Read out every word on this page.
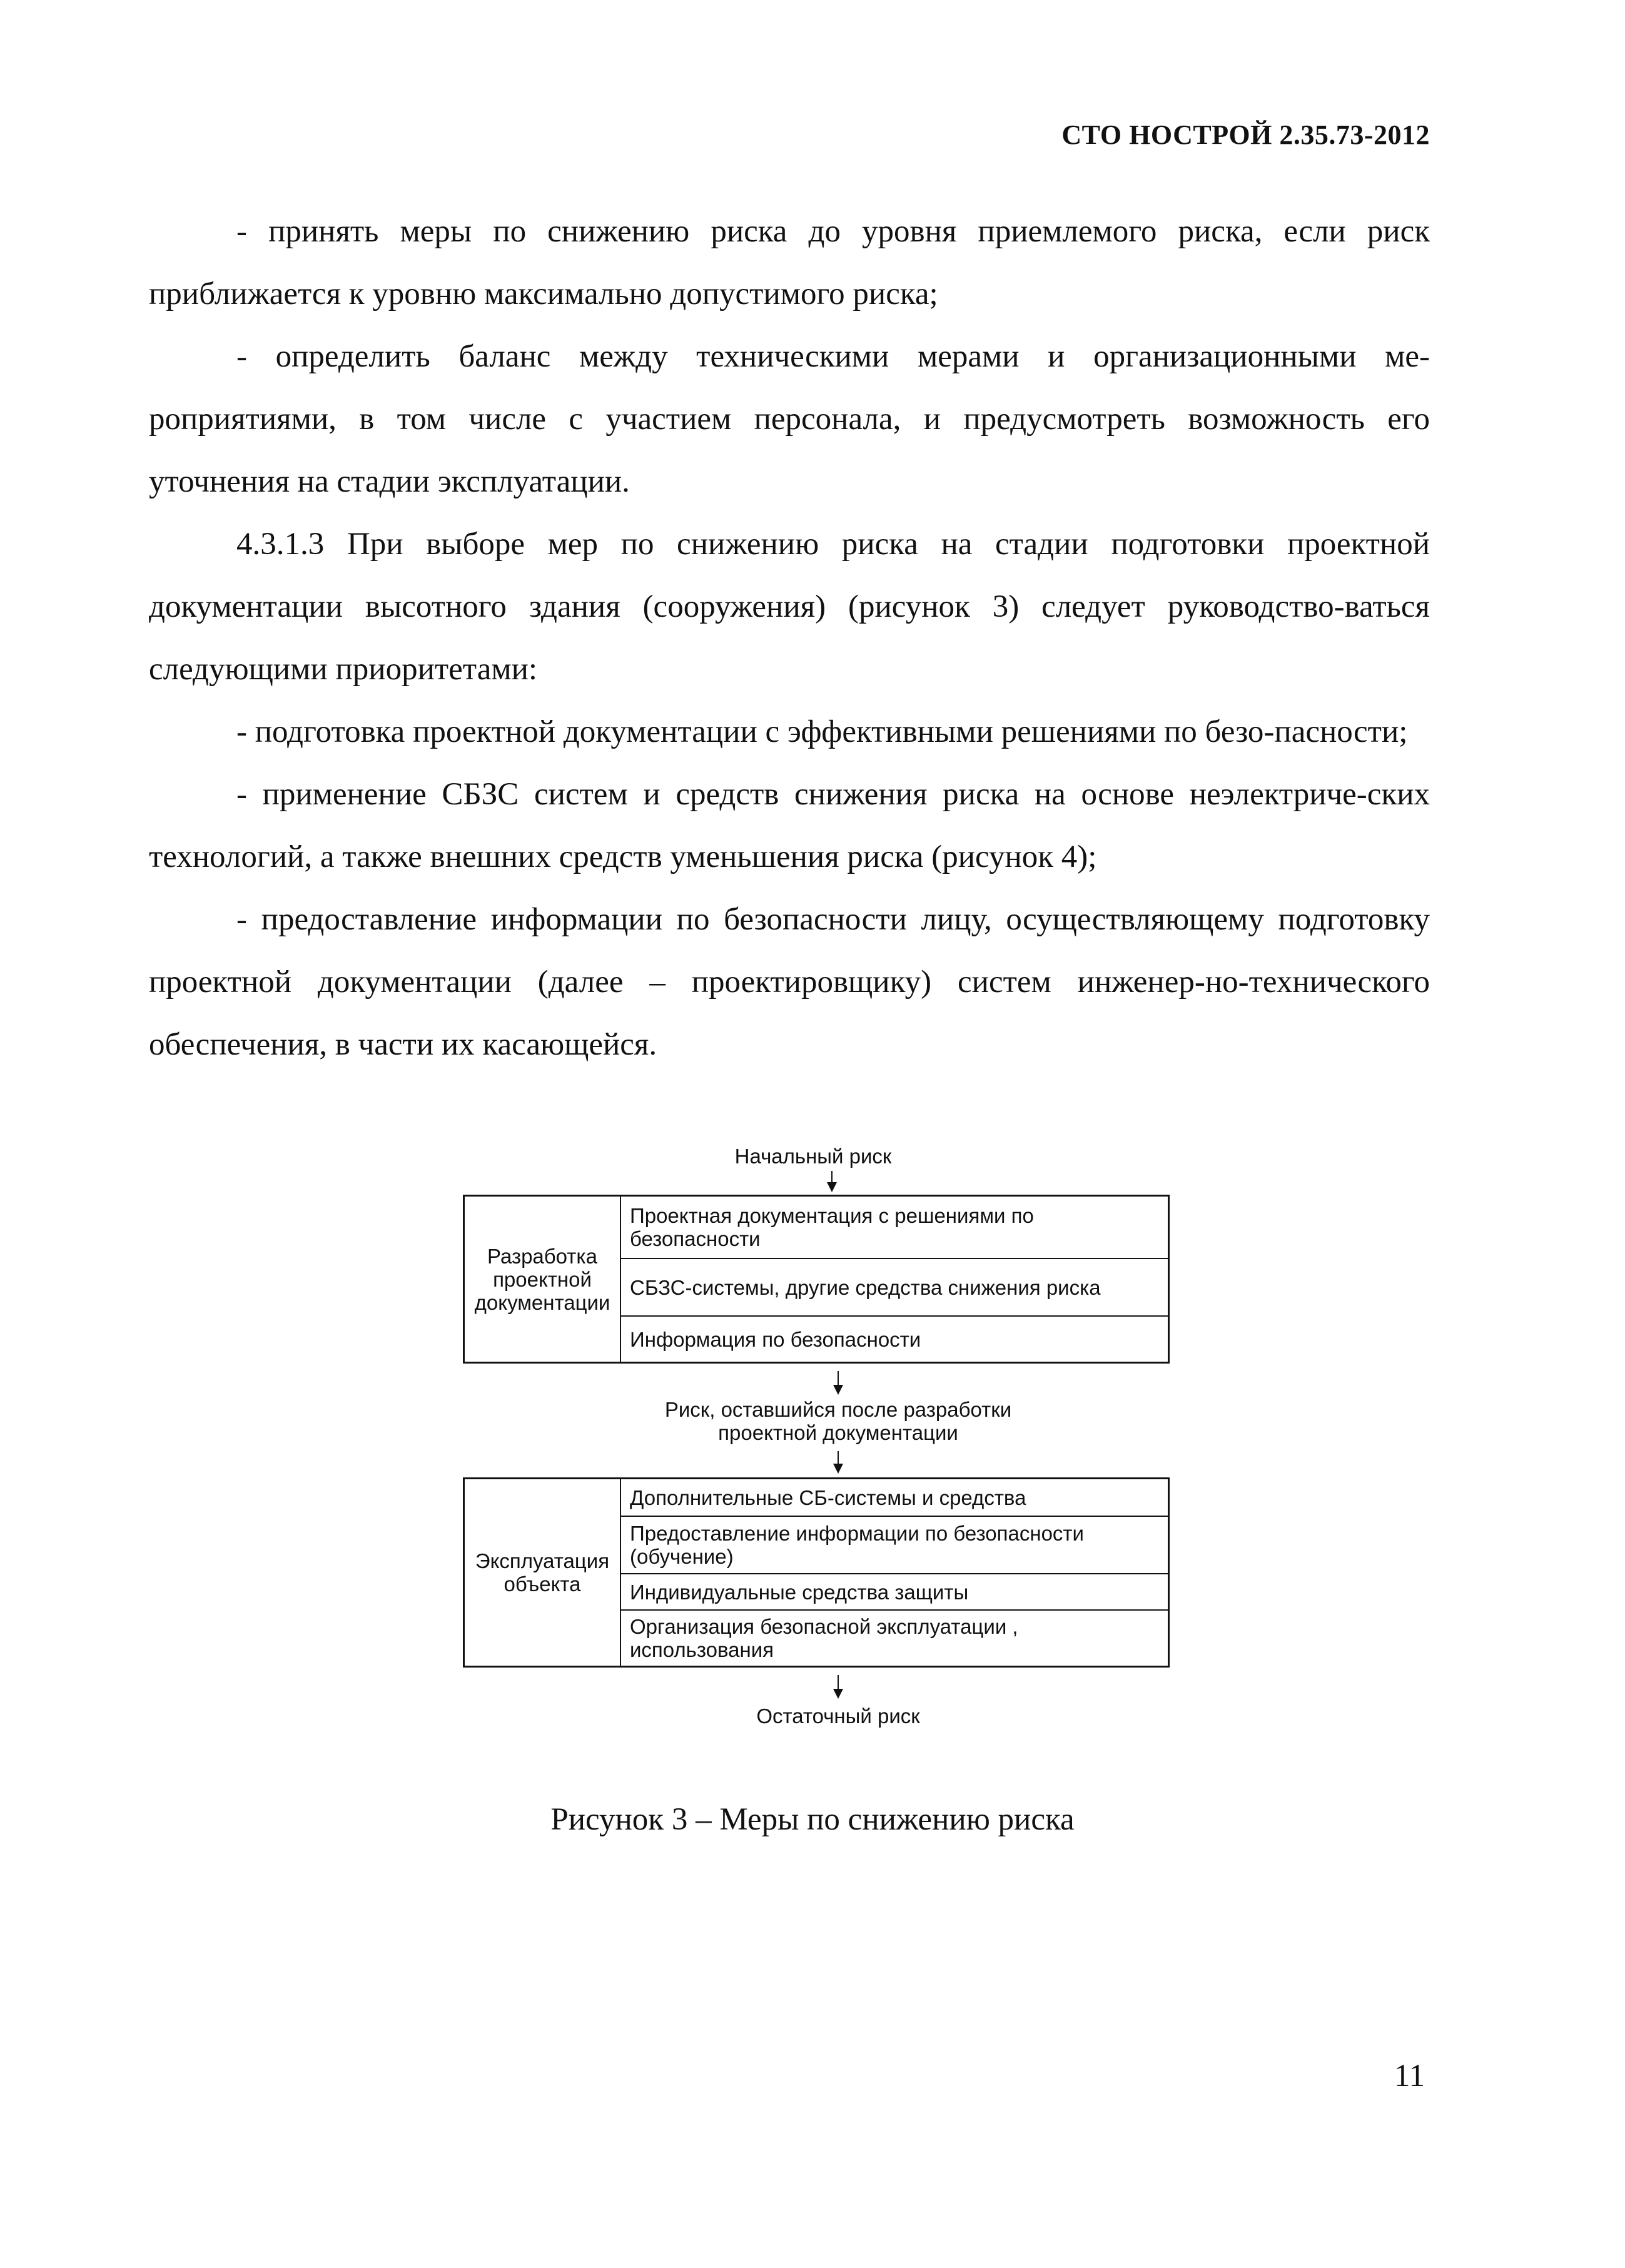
СТО НОСТРОЙ 2.35.73-2012

- принять меры по снижению риска до уровня приемлемого риска, если риск приближается к уровню максимально допустимого риска;

- определить баланс между техническими мерами и организационными ме-роприятиями, в том числе с участием персонала, и предусмотреть возможность его уточнения на стадии эксплуатации.

4.3.1.3 При выборе мер по снижению риска на стадии подготовки проектной документации высотного здания (сооружения) (рисунок 3) следует руководство-ваться следующими приоритетами:

- подготовка проектной документации с эффективными решениями по безо-пасности;

- применение СБЗС систем и средств снижения риска на основе неэлектриче-ских технологий, а также внешних средств уменьшения риска (рисунок 4);

- предоставление информации по безопасности лицу, осуществляющему подготовку проектной документации (далее – проектировщику) систем инженер-но-технического обеспечения, в части их касающейся.

Начальный риск
Разработка проектной документации
Проектная документация с решениями по безопасности
СБЗС-системы, другие средства снижения риска
Информация по безопасности
Риск, оставшийся после разработки проектной документации
Эксплуатация объекта
Дополнительные СБ-системы и средства
Предоставление информации по безопасности (обучение)
Индивидуальные средства защиты
Организация безопасной эксплуатации , использования
Остаточный риск
Рисунок 3 – Меры по снижению риска
11
